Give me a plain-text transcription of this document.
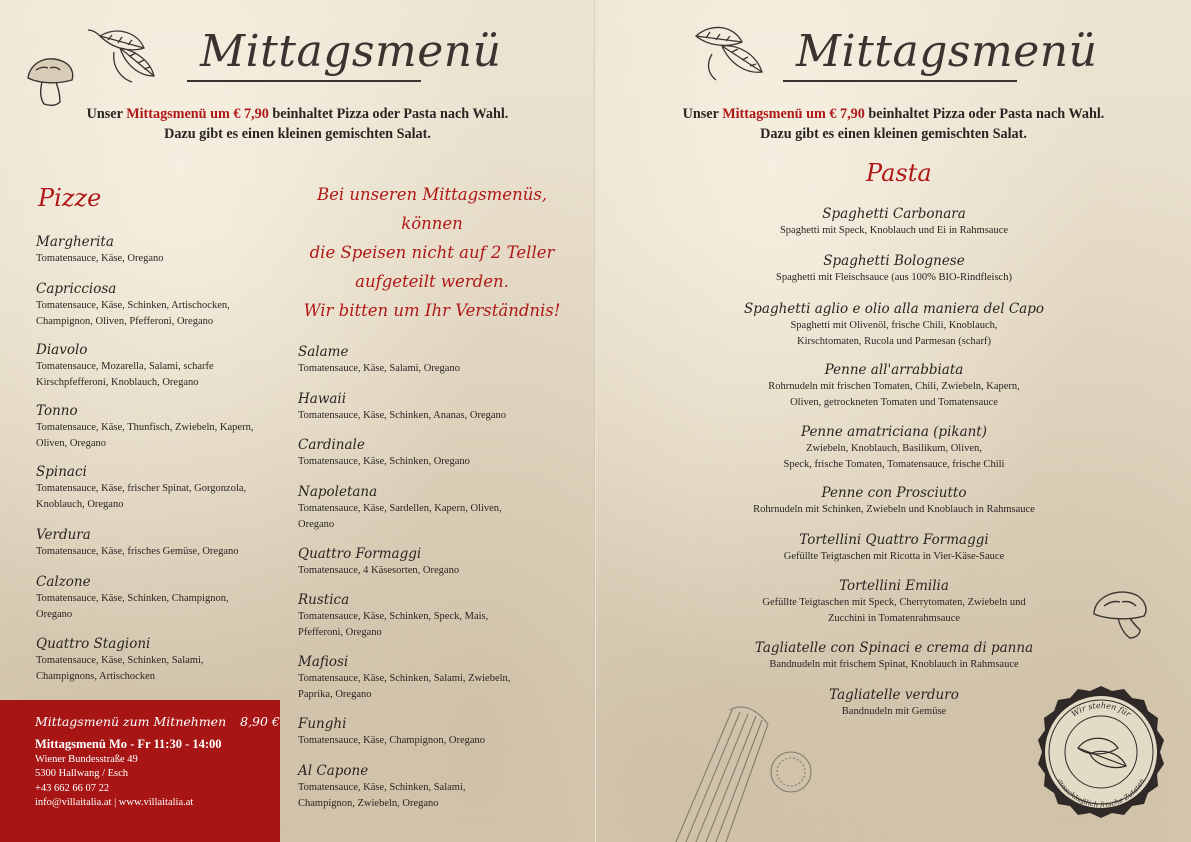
Mittagsmenü
Unser Mittagsmenü um € 7,90 beinhaltet Pizza oder Pasta nach Wahl.
Dazu gibt es einen kleinen gemischten Salat.
Pizze	Bei unseren Mittagsmenüs, können
die Speisen nicht auf 2 Teller
aufgeteilt werden.
Wir bitten um Ihr Verständnis!
Margherita
Tomatensauce, Käse, Oregano
Capricciosa
Tomatensauce, Käse, Schinken, Artischocken,
Champignon, Oliven, Pfefferoni, Oregano
Diavolo
Tomatensauce, Mozarella, Salami, scharfe
Kirschpfefferoni, Knoblauch, Oregano
Tonno
Tomatensauce, Käse, Thunfisch, Zwiebeln, Kapern,
Oliven, Oregano
Spinaci
Tomatensauce, Käse, frischer Spinat, Gorgonzola,
Knoblauch, Oregano
Verdura
Tomatensauce, Käse, frisches Gemüse, Oregano
Calzone
Tomatensauce, Käse, Schinken, Champignon,
Oregano
Quattro Stagioni
Tomatensauce, Käse, Schinken, Salami,
Champignons, Artischocken
Salame
Tomatensauce, Käse, Salami, Oregano
Hawaii
Tomatensauce, Käse, Schinken, Ananas, Oregano
Cardinale
Tomatensauce, Käse, Schinken, Oregano
Napoletana
Tomatensauce, Käse, Sardellen, Kapern, Oliven,
Oregano
Quattro Formaggi
Tomatensauce, 4 Käsesorten, Oregano
Rustica
Tomatensauce, Käse, Schinken, Speck, Mais,
Pfefferoni, Oregano
Mafiosi
Tomatensauce, Käse, Schinken, Salami, Zwiebeln,
Paprika, Oregano
Funghi
Tomatensauce, Käse, Champignon, Oregano
Al Capone
Tomatensauce, Käse, Schinken, Salami,
Champignon, Zwiebeln, Oregano
Mittagsmenü zum Mitnehmen 8,90 €
Mittagsmenü Mo - Fr 11:30 - 14:00
Wiener Bundesstraße 49
5300 Hallwang / Esch
+43 662 66 07 22
info@villaitalia.at | www.villaitalia.at
Mittagsmenü
Unser Mittagsmenü um € 7,90 beinhaltet Pizza oder Pasta nach Wahl.
Dazu gibt es einen kleinen gemischten Salat.
Pasta
Spaghetti Carbonara
Spaghetti mit Speck, Knoblauch und Ei in Rahmsauce
Spaghetti Bolognese
Spaghetti mit Fleischsauce (aus 100% BIO-Rindfleisch)
Spaghetti aglio e olio alla maniera del Capo
Spaghetti mit Olivenöl, frische Chili, Knoblauch,
Kirschtomaten, Rucola und Parmesan (scharf)
Penne all'arrabbiata
Rohrnudeln mit frischen Tomaten, Chili, Zwiebeln, Kapern,
Oliven, getrockneten Tomaten und Tomatensauce
Penne amatriciana (pikant)
Zwiebeln, Knoblauch, Basilikum, Oliven,
Speck, frische Tomaten, Tomatensauce, frische Chili
Penne con Prosciutto
Rohrnudeln mit Schinken, Zwiebeln und Knoblauch in Rahmsauce
Tortellini Quattro Formaggi
Gefüllte Teigtaschen mit Ricotta in Vier-Käse-Sauce
Tortellini Emilia
Gefüllte Teigtaschen mit Speck, Cherrytomaten, Zwiebeln und
Zucchini in Tomatenrahmsauce
Tagliatelle con Spinaci e crema di panna
Bandnudeln mit frischem Spinat, Knoblauch in Rahmsauce
Tagliatelle verduro
Bandnudeln mit Gemüse	Wir stehen für
ausschließlich frische Zutaten
